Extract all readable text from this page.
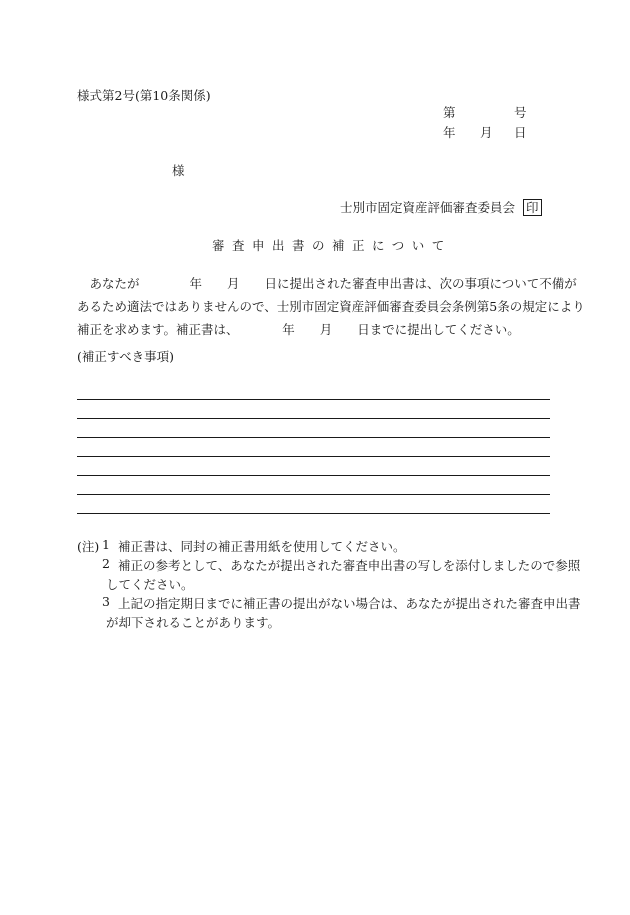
様式第2号(第10条関係)
第	号
年 月 日
様
士別市固定資産評価審査委員会 印
審査申出書の補正について
　あなたが　　　　年　　月　　日に提出された審査申出書は、次の事項について不備が
あるため適法ではありませんので、士別市固定資産評価審査委員会条例第5条の規定により
補正を求めます。補正書は、　　　　年　　月　　日までに提出してください。
(補正すべき事項)
(注) 1 補正書は、同封の補正書用紙を使用してください。
2 補正の参考として、あなたが提出された審査申出書の写しを添付しましたので参照
してください。
3 上記の指定期日までに補正書の提出がない場合は、あなたが提出された審査申出書
が却下されることがあります。
